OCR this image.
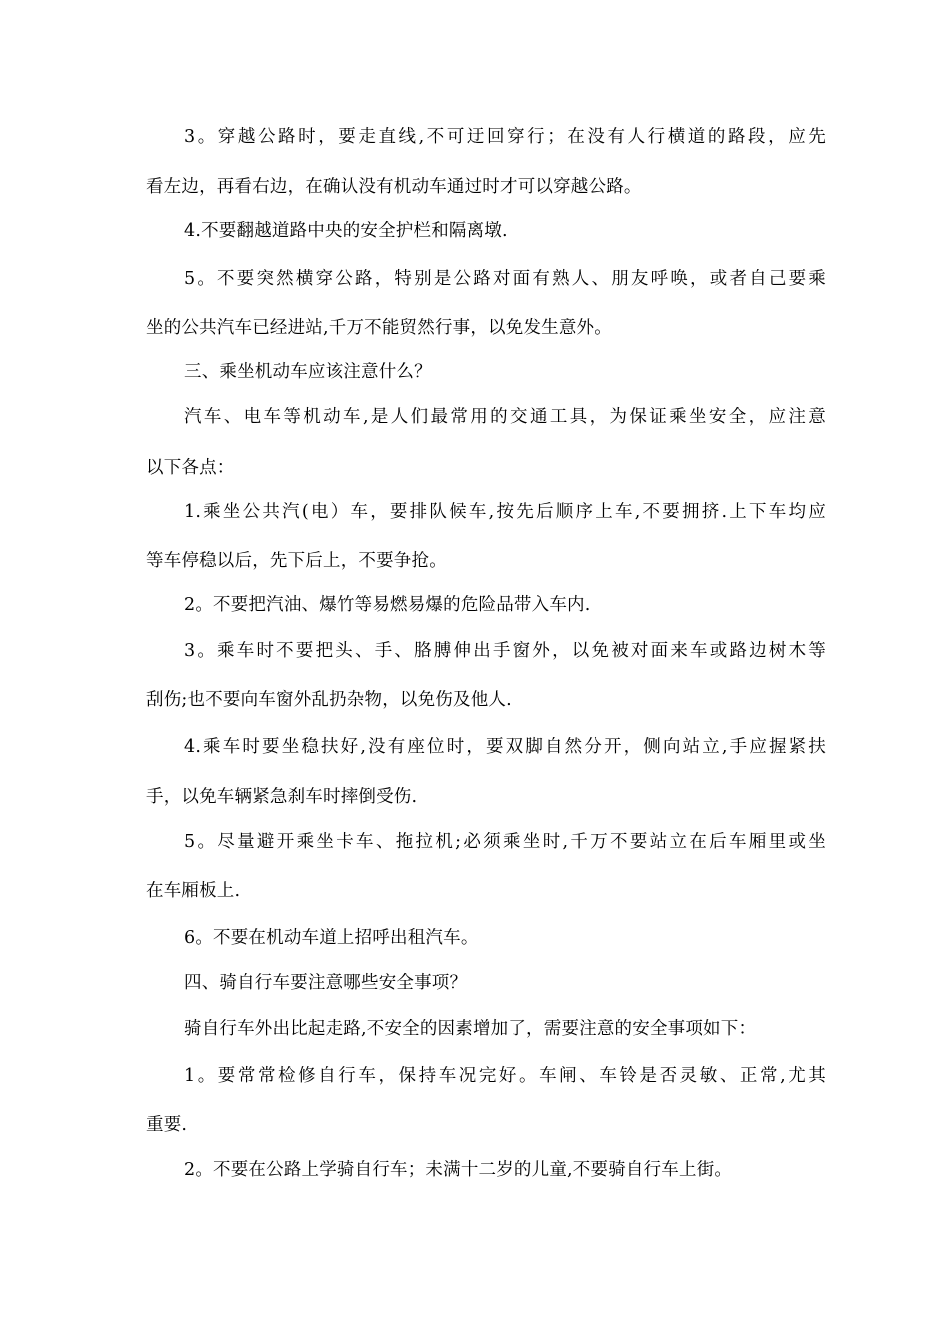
3。穿越公路时，要走直线,不可迂回穿行；在没有人行横道的路段，应先
看左边，再看右边，在确认没有机动车通过时才可以穿越公路。
4.不要翻越道路中央的安全护栏和隔离墩.
5。不要突然横穿公路，特别是公路对面有熟人、朋友呼唤，或者自己要乘
坐的公共汽车已经进站,千万不能贸然行事，以免发生意外。
三、乘坐机动车应该注意什么？
汽车、电车等机动车,是人们最常用的交通工具，为保证乘坐安全，应注意
以下各点：
1.乘坐公共汽(电）车，要排队候车,按先后顺序上车,不要拥挤.上下车均应
等车停稳以后，先下后上，不要争抢。
2。不要把汽油、爆竹等易燃易爆的危险品带入车内.
3。乘车时不要把头、手、胳膊伸出手窗外，以免被对面来车或路边树木等
刮伤;也不要向车窗外乱扔杂物，以免伤及他人.
4.乘车时要坐稳扶好,没有座位时，要双脚自然分开，侧向站立,手应握紧扶
手，以免车辆紧急刹车时摔倒受伤.
5。尽量避开乘坐卡车、拖拉机;必须乘坐时,千万不要站立在后车厢里或坐
在车厢板上.
6。不要在机动车道上招呼出租汽车。
四、骑自行车要注意哪些安全事项？
骑自行车外出比起走路,不安全的因素增加了，需要注意的安全事项如下：
1。要常常检修自行车，保持车况完好。车闸、车铃是否灵敏、正常,尤其
重要.
2。不要在公路上学骑自行车；未满十二岁的儿童,不要骑自行车上街。
